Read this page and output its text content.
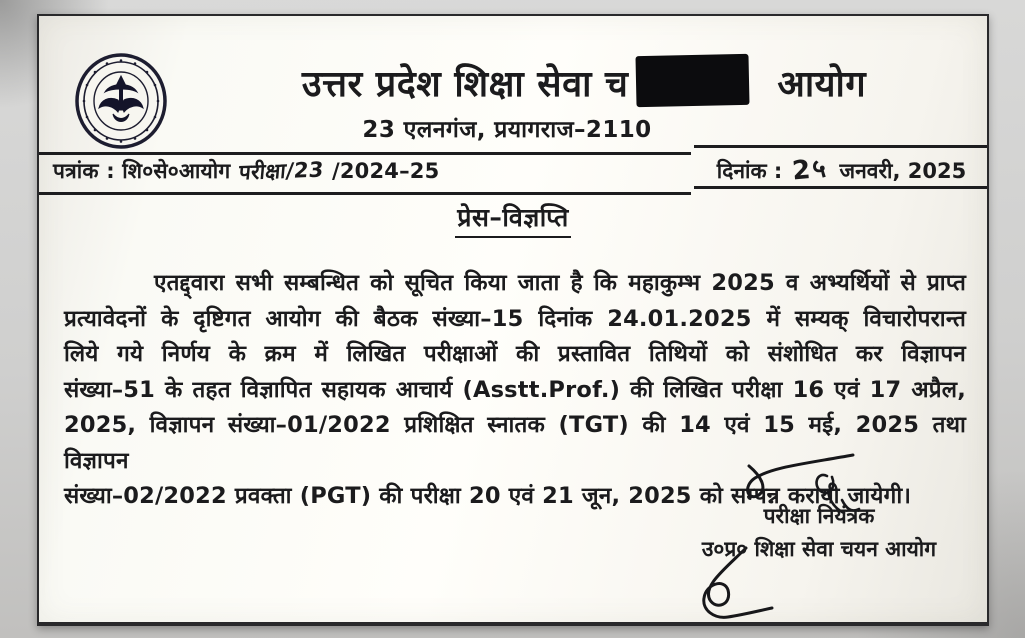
उत्तर प्रदेश शिक्षा सेवा च	आयोग
23 एलनगंज, प्रयागराज–2110
पत्रांक : शि०से०आयोग परीक्षा/23 /2024–25	दिनांक : 2५ जनवरी, 2025
प्रेस–विज्ञप्ति
एतद्द्वारा सभी सम्बन्धित को सूचित किया जाता है कि महाकुम्भ 2025 व अभ्यर्थियों से प्राप्त
प्रत्यावेदनों के दृष्टिगत आयोग की बैठक संख्या–15 दिनांक 24.01.2025 में सम्यक् विचारोपरान्त
लिये गये निर्णय के क्रम में लिखित परीक्षाओं की प्रस्तावित तिथियों को संशोधित कर विज्ञापन
संख्या–51 के तहत विज्ञापित सहायक आचार्य (Asstt.Prof.) की लिखित परीक्षा 16 एवं 17 अप्रैल,
2025, विज्ञापन संख्या–01/2022 प्रशिक्षित स्नातक (TGT) की 14 एवं 15 मई, 2025 तथा विज्ञापन
संख्या–02/2022 प्रवक्ता (PGT) की परीक्षा 20 एवं 21 जून, 2025 को सम्पन्न करायी जायेगी।
परीक्षा नियंत्रक
उ०प्र० शिक्षा सेवा चयन आयोग
